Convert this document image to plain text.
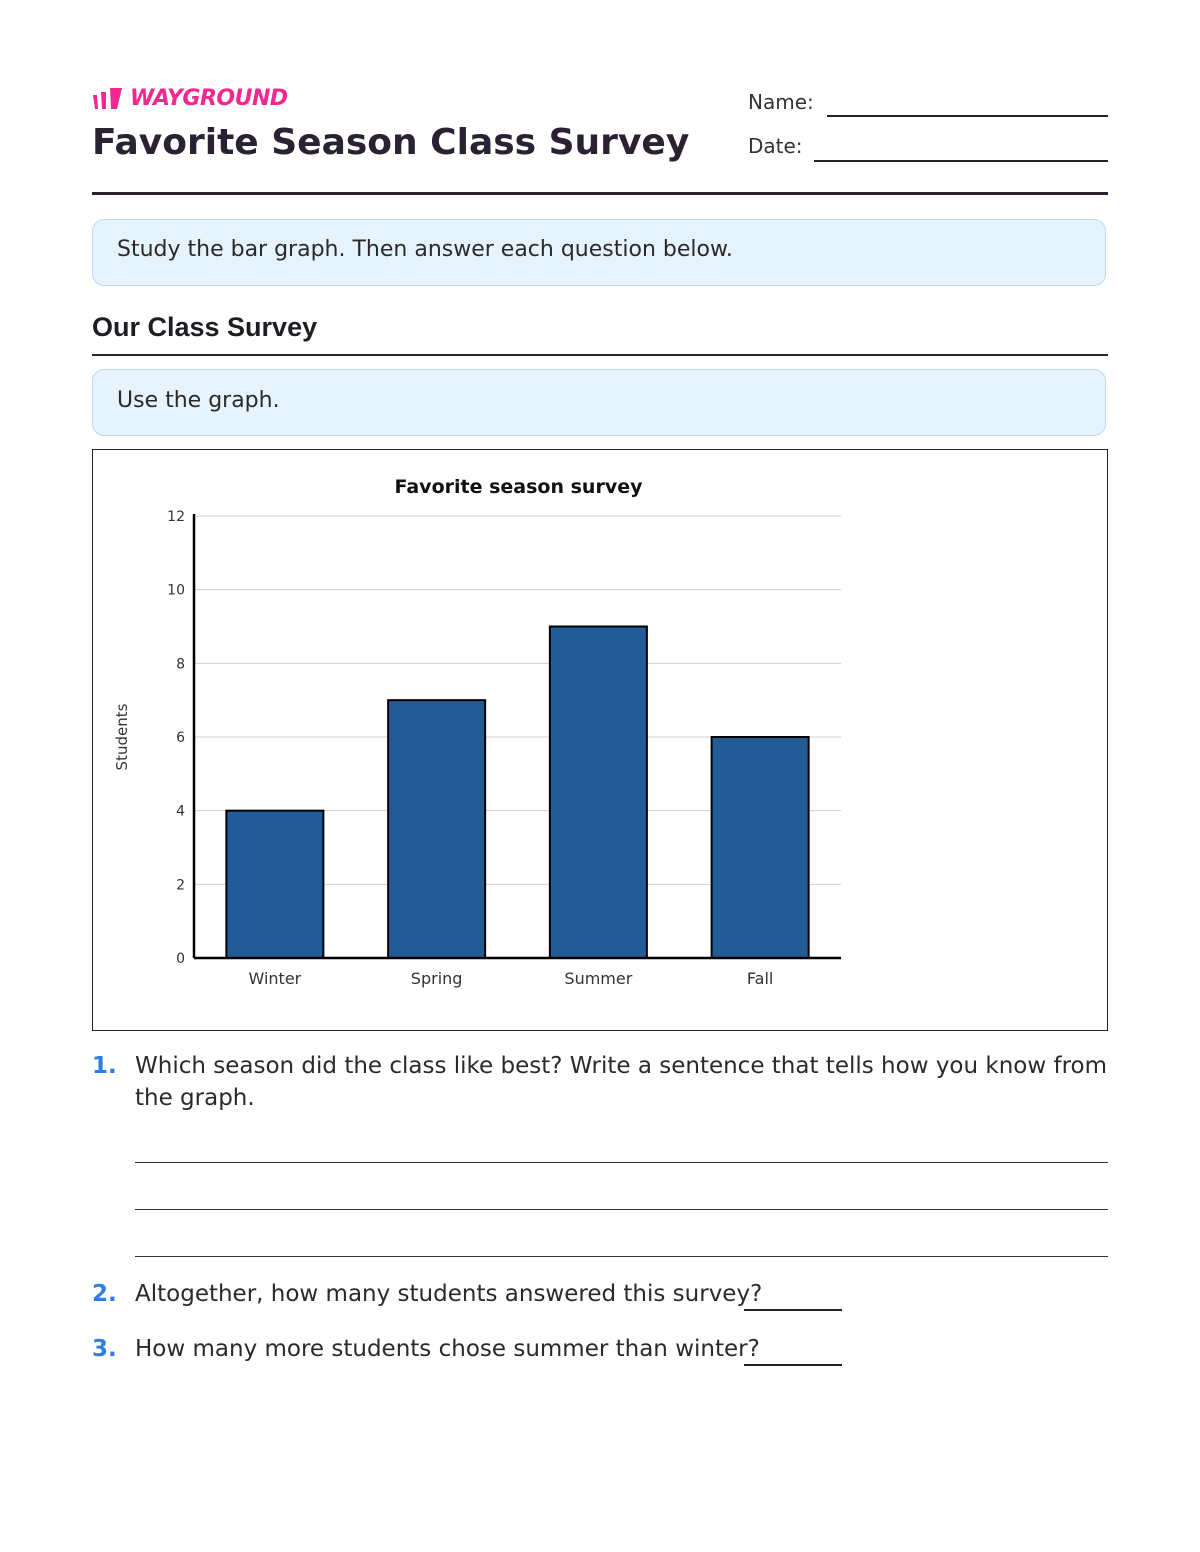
WAYGROUND
Favorite Season Class Survey
Name:
Date:
Study the bar graph. Then answer each question below.
Our Class Survey
Use the graph.
Favorite season survey
Students
0
2
4
6
8
10
12
Winter	Spring	Summer	Fall
1. Which season did the class like best? Write a sentence that tells how you know from the graph.
2. Altogether, how many students answered this survey?
3. How many more students chose summer than winter?
